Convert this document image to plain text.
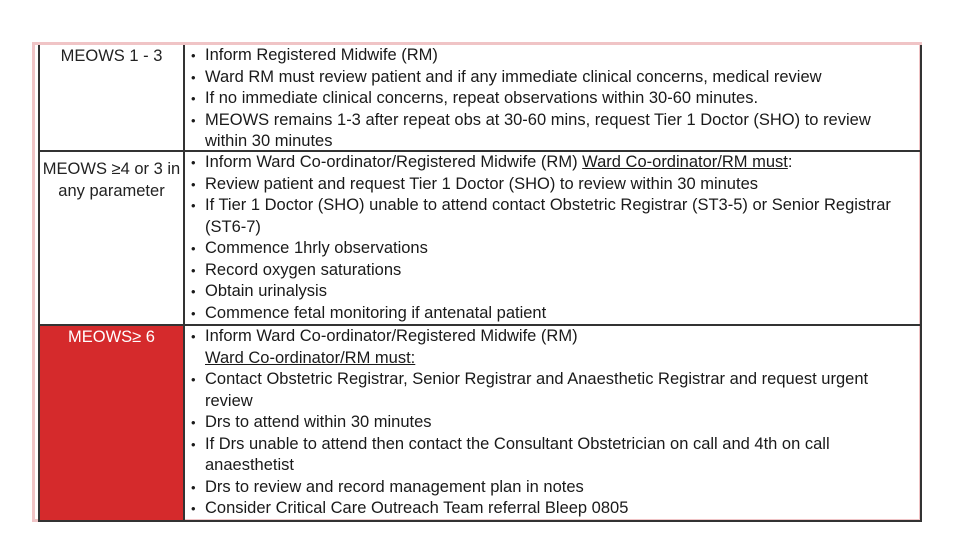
MEOWS 1 - 3	• Inform Registered Midwife (RM)
• Ward RM must review patient and if any immediate clinical concerns, medical review
• If no immediate clinical concerns, repeat observations within 30-60 minutes.
• MEOWS remains 1-3 after repeat obs at 30-60 mins, request Tier 1 Doctor (SHO) to review within 30 minutes
MEOWS ≥4 or 3 in any parameter
• Inform Ward Co-ordinator/Registered Midwife (RM) Ward Co-ordinator/RM must:
• Review patient and request Tier 1 Doctor (SHO) to review within 30 minutes
• If Tier 1 Doctor (SHO) unable to attend contact Obstetric Registrar (ST3-5) or Senior Registrar (ST6-7)
• Commence 1hrly observations
• Record oxygen saturations
• Obtain urinalysis
• Commence fetal monitoring if antenatal patient
MEOWS≥ 6	• Inform Ward Co-ordinator/Registered Midwife (RM)
Ward Co-ordinator/RM must:
• Contact Obstetric Registrar, Senior Registrar and Anaesthetic Registrar and request urgent review
• Drs to attend within 30 minutes
• If Drs unable to attend then contact the Consultant Obstetrician on call and 4th on call anaesthetist
• Drs to review and record management plan in notes
• Consider Critical Care Outreach Team referral Bleep 0805
